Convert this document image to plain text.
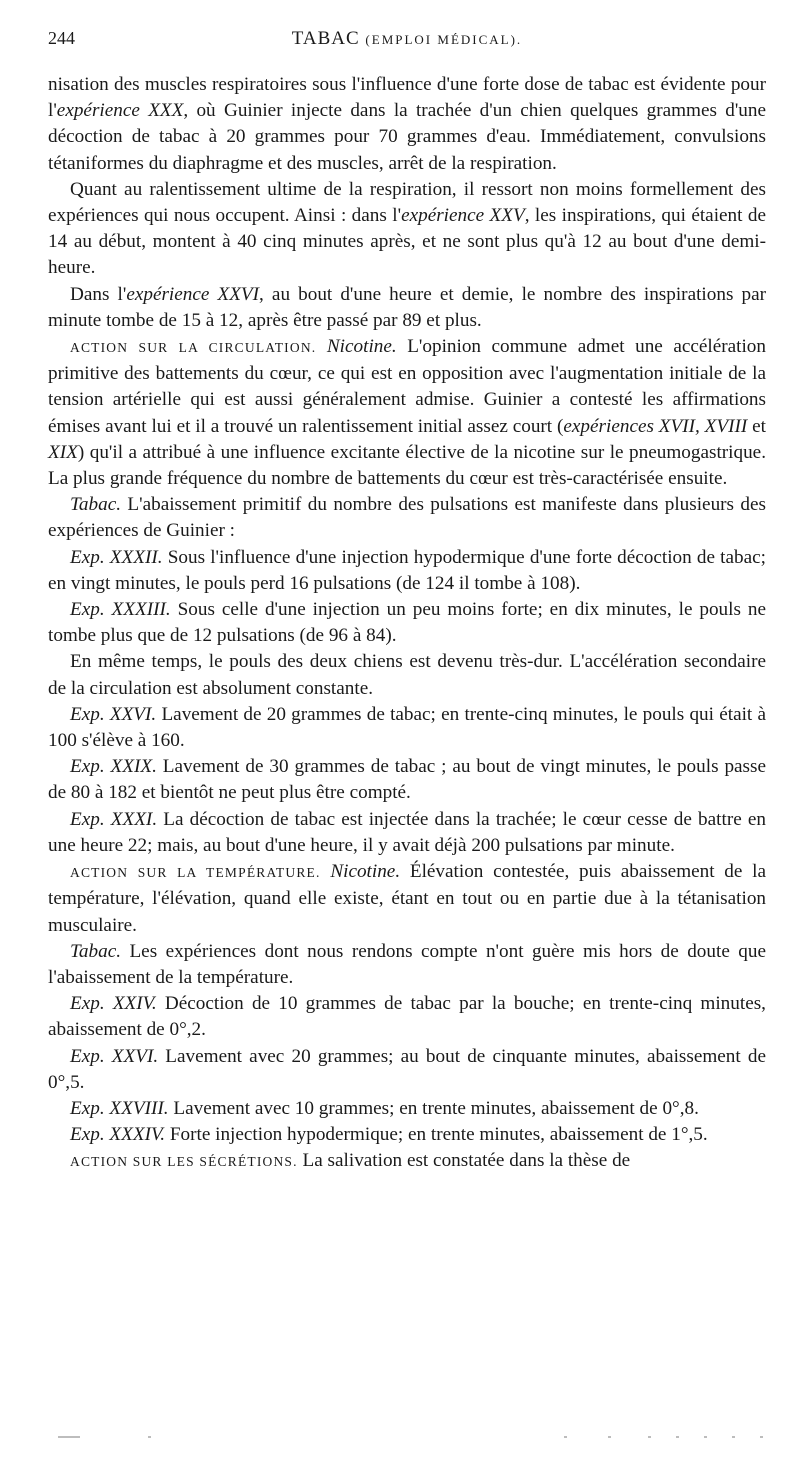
244	TABAC (EMPLOI MÉDICAL).

nisation des muscles respiratoires sous l'influence d'une forte dose de tabac est évidente pour l'expérience XXX, où Guinier injecte dans la trachée d'un chien quelques grammes d'une décoction de tabac à 20 grammes pour 70 grammes d'eau. Immédiatement, convulsions tétaniformes du diaphragme et des muscles, arrêt de la respiration.

Quant au ralentissement ultime de la respiration, il ressort non moins formellement des expériences qui nous occupent. Ainsi : dans l'expérience XXV, les inspirations, qui étaient de 14 au début, montent à 40 cinq minutes après, et ne sont plus qu'à 12 au bout d'une demi-heure.

Dans l'expérience XXVI, au bout d'une heure et demie, le nombre des inspirations par minute tombe de 15 à 12, après être passé par 89 et plus.

ACTION SUR LA CIRCULATION. Nicotine. L'opinion commune admet une accélération primitive des battements du cœur, ce qui est en opposition avec l'augmentation initiale de la tension artérielle qui est aussi généralement admise. Guinier a contesté les affirmations émises avant lui et il a trouvé un ralentissement initial assez court (expériences XVII, XVIII et XIX) qu'il a attribué à une influence excitante élective de la nicotine sur le pneumogastrique. La plus grande fréquence du nombre de battements du cœur est très-caractérisée ensuite.

Tabac. L'abaissement primitif du nombre des pulsations est manifeste dans plusieurs des expériences de Guinier :

Exp. XXXII. Sous l'influence d'une injection hypodermique d'une forte décoction de tabac; en vingt minutes, le pouls perd 16 pulsations (de 124 il tombe à 108).

Exp. XXXIII. Sous celle d'une injection un peu moins forte; en dix minutes, le pouls ne tombe plus que de 12 pulsations (de 96 à 84).

En même temps, le pouls des deux chiens est devenu très-dur. L'accélération secondaire de la circulation est absolument constante.

Exp. XXVI. Lavement de 20 grammes de tabac; en trente-cinq minutes, le pouls qui était à 100 s'élève à 160.

Exp. XXIX. Lavement de 30 grammes de tabac ; au bout de vingt minutes, le pouls passe de 80 à 182 et bientôt ne peut plus être compté.

Exp. XXXI. La décoction de tabac est injectée dans la trachée; le cœur cesse de battre en une heure 22; mais, au bout d'une heure, il y avait déjà 200 pulsations par minute.

ACTION SUR LA TEMPÉRATURE. Nicotine. Élévation contestée, puis abaissement de la température, l'élévation, quand elle existe, étant en tout ou en partie due à la tétanisation musculaire.

Tabac. Les expériences dont nous rendons compte n'ont guère mis hors de doute que l'abaissement de la température.

Exp. XXIV. Décoction de 10 grammes de tabac par la bouche; en trente-cinq minutes, abaissement de 0°,2.

Exp. XXVI. Lavement avec 20 grammes; au bout de cinquante minutes, abaissement de 0°,5.

Exp. XXVIII. Lavement avec 10 grammes; en trente minutes, abaissement de 0°,8.

Exp. XXXIV. Forte injection hypodermique; en trente minutes, abaissement de 1°,5.

ACTION SUR LES SÉCRÉTIONS. La salivation est constatée dans la thèse de
